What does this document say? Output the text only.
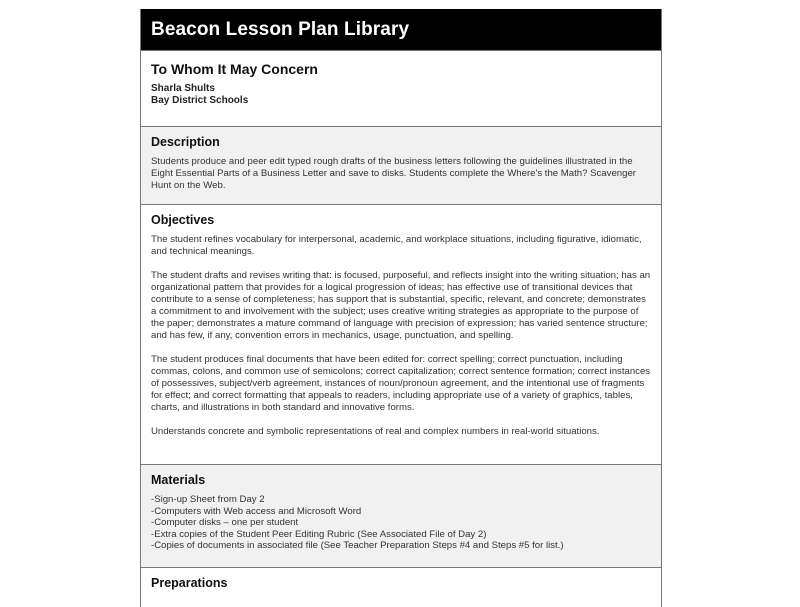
Beacon Lesson Plan Library
To Whom It May Concern
Sharla Shults
Bay District Schools
Description

Students produce and peer edit typed rough drafts of the business letters following the guidelines illustrated in the Eight Essential Parts of a Business Letter and save to disks. Students complete the Where's the Math? Scavenger Hunt on the Web.

Objectives

The student refines vocabulary for interpersonal, academic, and workplace situations, including figurative, idiomatic, and technical meanings.

The student drafts and revises writing that: is focused, purposeful, and reflects insight into the writing situation; has an organizational pattern that provides for a logical progression of ideas; has effective use of transitional devices that contribute to a sense of completeness; has support that is substantial, specific, relevant, and concrete; demonstrates a commitment to and involvement with the subject; uses creative writing strategies as appropriate to the purpose of the paper; demonstrates a mature command of language with precision of expression; has varied sentence structure; and has few, if any, convention errors in mechanics, usage, punctuation, and spelling.

The student produces final documents that have been edited for: correct spelling; correct punctuation, including commas, colons, and common use of semicolons; correct capitalization; correct sentence formation; correct instances of possessives, subject/verb agreement, instances of noun/pronoun agreement, and the intentional use of fragments for effect; and correct formatting that appeals to readers, including appropriate use of a variety of graphics, tables, charts, and illustrations in both standard and innovative forms.

Understands concrete and symbolic representations of real and complex numbers in real-world situations.

Materials
-Sign-up Sheet from Day 2
-Computers with Web access and Microsoft Word
-Computer disks – one per student
-Extra copies of the Student Peer Editing Rubric (See Associated File of Day 2)
-Copies of documents in associated file (See Teacher Preparation Steps #4 and Steps #5 for list.)
Preparations
